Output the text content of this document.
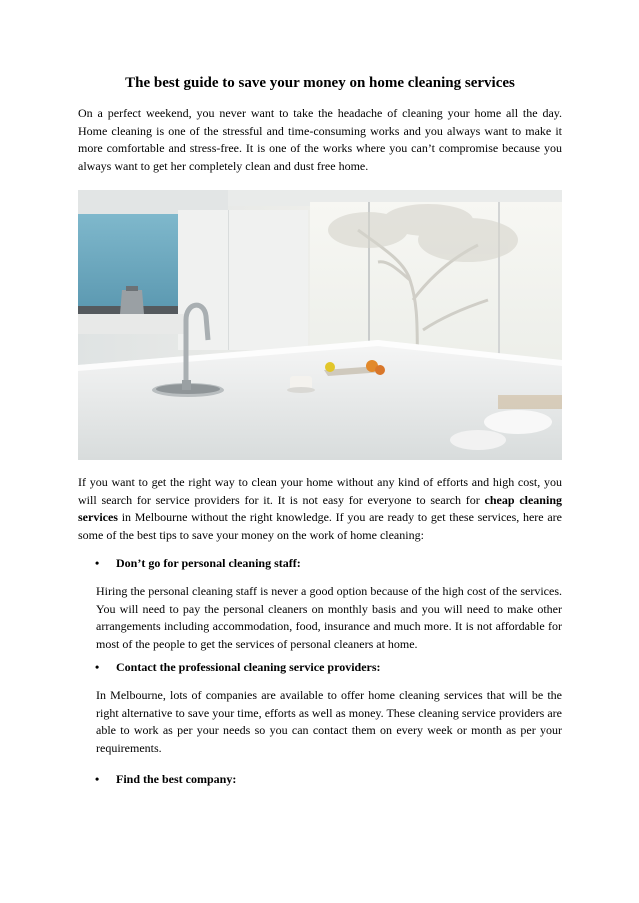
The best guide to save your money on home cleaning services
On a perfect weekend, you never want to take the headache of cleaning your home all the day. Home cleaning is one of the stressful and time-consuming works and you always want to make it more comfortable and stress-free. It is one of the works where you can’t compromise because you always want to get her completely clean and dust free home.
If you want to get the right way to clean your home without any kind of efforts and high cost, you will search for service providers for it. It is not easy for everyone to search for cheap cleaning services in Melbourne without the right knowledge. If you are ready to get these services, here are some of the best tips to save your money on the work of home cleaning:
• Don’t go for personal cleaning staff:
Hiring the personal cleaning staff is never a good option because of the high cost of the services. You will need to pay the personal cleaners on monthly basis and you will need to make other arrangements including accommodation, food, insurance and much more. It is not affordable for most of the people to get the services of personal cleaners at home.
• Contact the professional cleaning service providers:
In Melbourne, lots of companies are available to offer home cleaning services that will be the right alternative to save your time, efforts as well as money. These cleaning service providers are able to work as per your needs so you can contact them on every week or month as per your requirements.
• Find the best company:
